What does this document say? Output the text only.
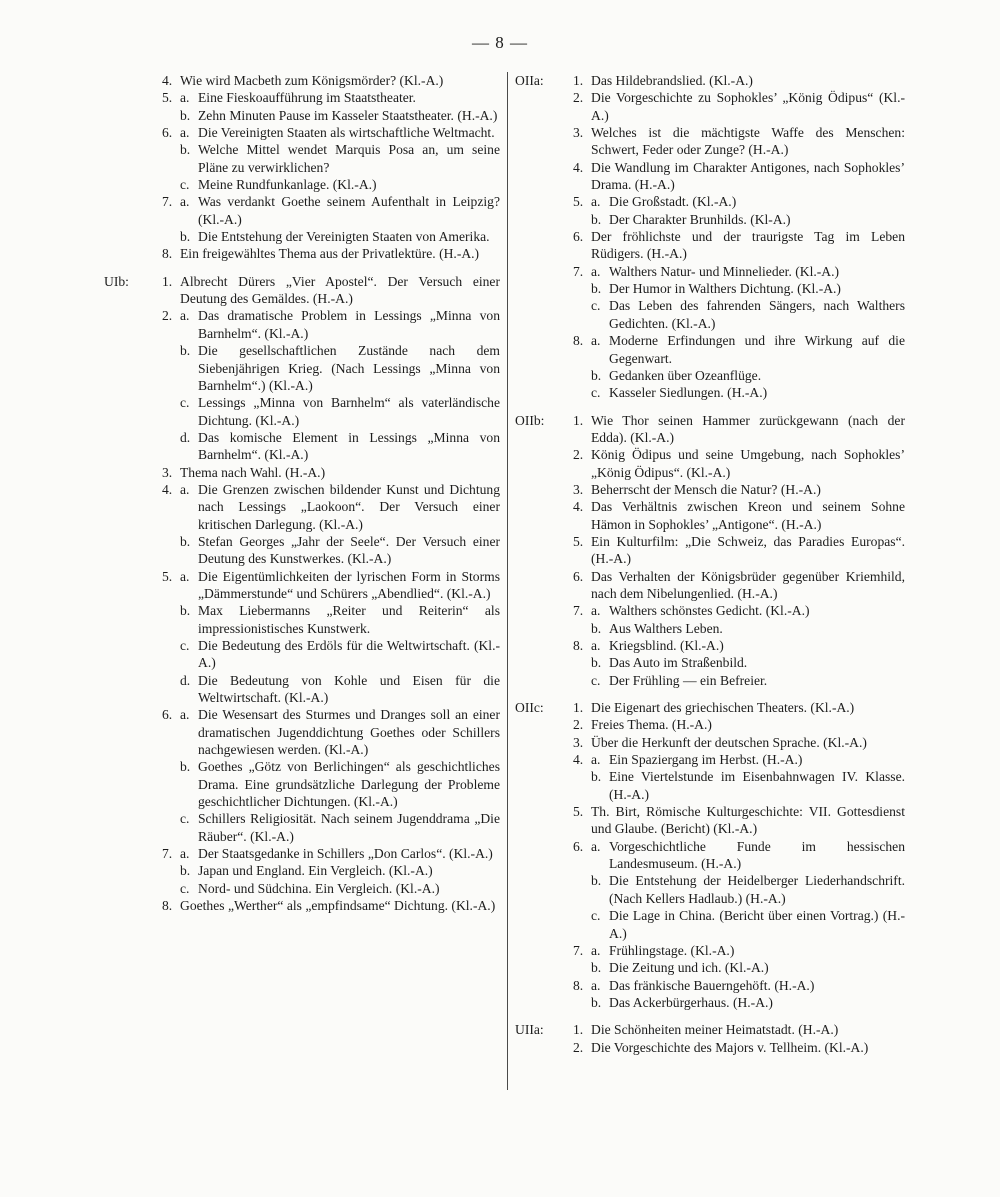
— 8 —
4. Wie wird Macbeth zum Königsmörder? (Kl.-A.)
5. a. Eine Fieskoaufführung im Staatstheater.
b. Zehn Minuten Pause im Kasseler Staatstheater. (H.-A.)
6. a. Die Vereinigten Staaten als wirtschaftliche Weltmacht.
b. Welche Mittel wendet Marquis Posa an, um seine Pläne zu verwirklichen?
c. Meine Rundfunkanlage. (Kl.-A.)
7. a. Was verdankt Goethe seinem Aufenthalt in Leipzig? (Kl.-A.)
b. Die Entstehung der Vereinigten Staaten von Amerika.
8. Ein freigewähltes Thema aus der Privatlektüre. (H.-A.)
UIb:	1. Albrecht Dürers „Vier Apostel“. Der Versuch einer Deutung des Gemäldes. (H.-A.)
2. a. Das dramatische Problem in Lessings „Minna von Barnhelm“. (Kl.-A.)
b. Die gesellschaftlichen Zustände nach dem Siebenjährigen Krieg. (Nach Lessings „Minna von Barnhelm“.) (Kl.-A.)
c. Lessings „Minna von Barnhelm“ als vaterländische Dichtung. (Kl.-A.)
d. Das komische Element in Lessings „Minna von Barnhelm“. (Kl.-A.)
3. Thema nach Wahl. (H.-A.)
4. a. Die Grenzen zwischen bildender Kunst und Dichtung nach Lessings „Laokoon“. Der Versuch einer kritischen Darlegung. (Kl.-A.)
b. Stefan Georges „Jahr der Seele“. Der Versuch einer Deutung des Kunstwerkes. (Kl.-A.)
5. a. Die Eigentümlichkeiten der lyrischen Form in Storms „Dämmerstunde“ und Schürers „Abendlied“. (Kl.-A.)
b. Max Liebermanns „Reiter und Reiterin“ als impressionistisches Kunstwerk.
c. Die Bedeutung des Erdöls für die Weltwirtschaft. (Kl.-A.)
d. Die Bedeutung von Kohle und Eisen für die Weltwirtschaft. (Kl.-A.)
6. a. Die Wesensart des Sturmes und Dranges soll an einer dramatischen Jugenddichtung Goethes oder Schillers nachgewiesen werden. (Kl.-A.)
b. Goethes „Götz von Berlichingen“ als geschichtliches Drama. Eine grundsätzliche Darlegung der Probleme geschichtlicher Dichtungen. (Kl.-A.)
c. Schillers Religiosität. Nach seinem Jugenddrama „Die Räuber“. (Kl.-A.)
7. a. Der Staatsgedanke in Schillers „Don Carlos“. (Kl.-A.)
b. Japan und England. Ein Vergleich. (Kl.-A.)
c. Nord- und Südchina. Ein Vergleich. (Kl.-A.)
8. Goethes „Werther“ als „empfindsame“ Dichtung. (Kl.-A.)
OIIa:	1. Das Hildebrandslied. (Kl.-A.)
2. Die Vorgeschichte zu Sophokles’ „König Ödipus“ (Kl.-A.)
3. Welches ist die mächtigste Waffe des Menschen: Schwert, Feder oder Zunge? (H.-A.)
4. Die Wandlung im Charakter Antigones, nach Sophokles’ Drama. (H.-A.)
5. a. Die Großstadt. (Kl.-A.)
b. Der Charakter Brunhilds. (Kl-A.)
6. Der fröhlichste und der traurigste Tag im Leben Rüdigers. (H.-A.)
7. a. Walthers Natur- und Minnelieder. (Kl.-A.)
b. Der Humor in Walthers Dichtung. (Kl.-A.)
c. Das Leben des fahrenden Sängers, nach Walthers Gedichten. (Kl.-A.)
8. a. Moderne Erfindungen und ihre Wirkung auf die Gegenwart.
b. Gedanken über Ozeanflüge.
c. Kasseler Siedlungen. (H.-A.)
OIIb:	1. Wie Thor seinen Hammer zurückgewann (nach der Edda). (Kl.-A.)
2. König Ödipus und seine Umgebung, nach Sophokles’ „König Ödipus“. (Kl.-A.)
3. Beherrscht der Mensch die Natur? (H.-A.)
4. Das Verhältnis zwischen Kreon und seinem Sohne Hämon in Sophokles’ „Antigone“. (H.-A.)
5. Ein Kulturfilm: „Die Schweiz, das Paradies Europas“. (H.-A.)
6. Das Verhalten der Königsbrüder gegenüber Kriemhild, nach dem Nibelungenlied. (H.-A.)
7. a. Walthers schönstes Gedicht. (Kl.-A.)
b. Aus Walthers Leben.
8. a. Kriegsblind. (Kl.-A.)
b. Das Auto im Straßenbild.
c. Der Frühling — ein Befreier.
OIIc:	1. Die Eigenart des griechischen Theaters. (Kl.-A.)
2. Freies Thema. (H.-A.)
3. Über die Herkunft der deutschen Sprache. (Kl.-A.)
4. a. Ein Spaziergang im Herbst. (H.-A.)
b. Eine Viertelstunde im Eisenbahnwagen IV. Klasse. (H.-A.)
5. Th. Birt, Römische Kulturgeschichte: VII. Gottesdienst und Glaube. (Bericht) (Kl.-A.)
6. a. Vorgeschichtliche Funde im hessischen Landesmuseum. (H.-A.)
b. Die Entstehung der Heidelberger Liederhandschrift. (Nach Kellers Hadlaub.) (H.-A.)
c. Die Lage in China. (Bericht über einen Vortrag.) (H.-A.)
7. a. Frühlingstage. (Kl.-A.)
b. Die Zeitung und ich. (Kl.-A.)
8. a. Das fränkische Bauerngehöft. (H.-A.)
b. Das Ackerbürgerhaus. (H.-A.)
UIIa:	1. Die Schönheiten meiner Heimatstadt. (H.-A.)
2. Die Vorgeschichte des Majors v. Tellheim. (Kl.-A.)
